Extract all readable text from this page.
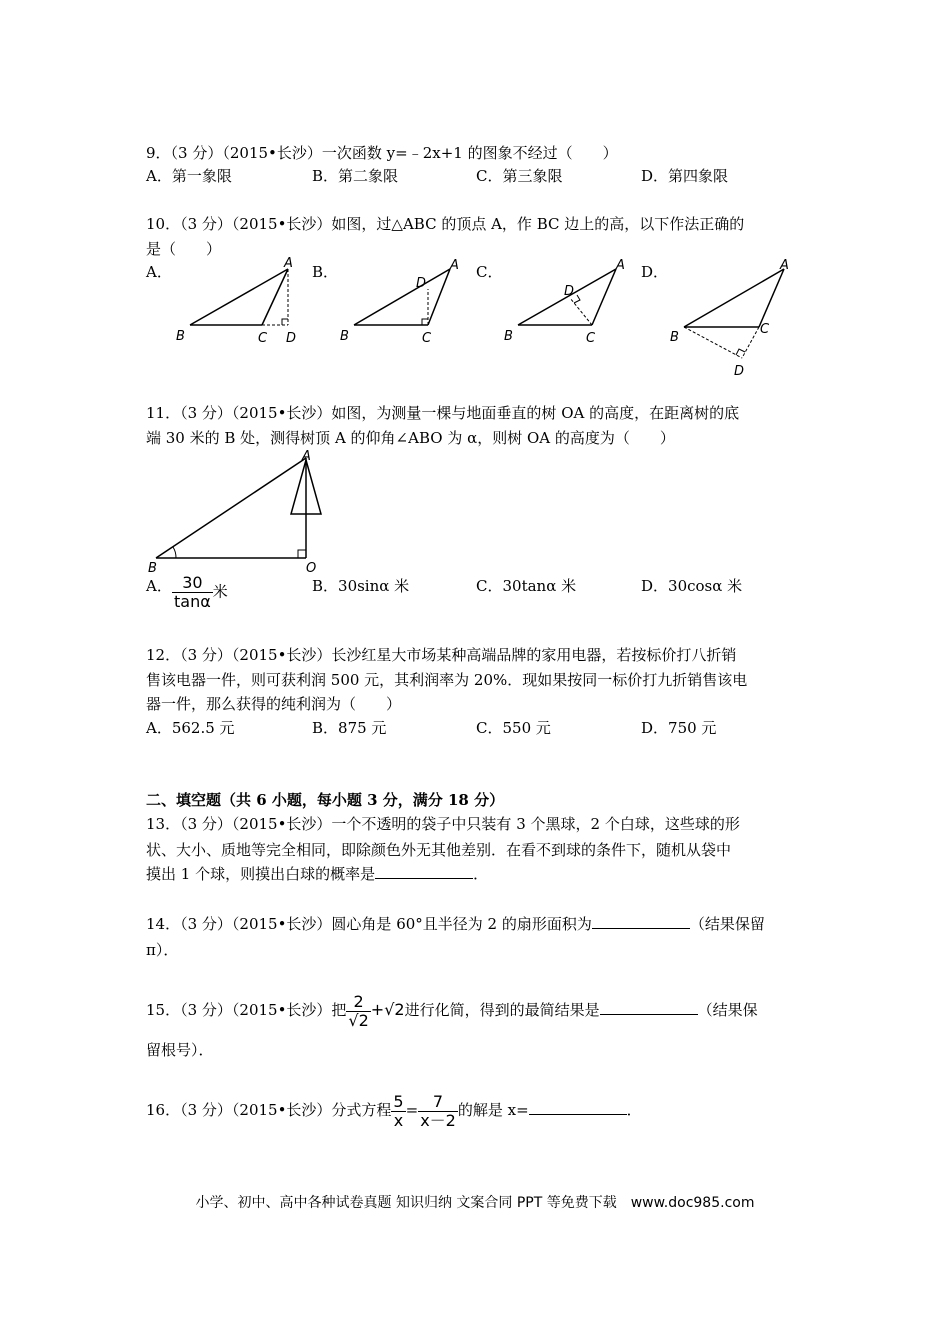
9．（3 分）（2015•长沙）一次函数 y=﹣2x+1 的图象不经过（　　）
A．第一象限	B．第二象限	C．第三象限	D．第四象限
10．（3 分）（2015•长沙）如图，过△ABC 的顶点 A，作 BC 边上的高，以下作法正确的
是（　　）
A．	B．	C．	D．
A
B	C D
A
D
B	C
A
D
B	C
A
B
C
D
11．（3 分）（2015•长沙）如图，为测量一棵与地面垂直的树 OA 的高度，在距离树的底
端 30 米的 B 处，测得树顶 A 的仰角∠ABO 为 α，则树 OA 的高度为（　　）
A
B	O
A． $\frac{30}{\tan\alpha}$ 米	B．30sinα 米	C．30tanα 米	D．30cosα 米
12．（3 分）（2015•长沙）长沙红星大市场某种高端品牌的家用电器，若按标价打八折销
售该电器一件，则可获利润 500 元，其利润率为 20%．现如果按同一标价打九折销售该电
器一件，那么获得的纯利润为（　　）
A．562.5 元	B．875 元	C．550 元	D．750 元
二、填空题（共 6 小题，每小题 3 分，满分 18 分）
13．（3 分）（2015•长沙）一个不透明的袋子中只装有 3 个黑球，2 个白球，这些球的形
状、大小、质地等完全相同，即除颜色外无其他差别．在看不到球的条件下，随机从袋中
摸出 1 个球，则摸出白球的概率是	．
14．（3 分）（2015•长沙）圆心角是 60°且半径为 2 的扇形面积为	（结果保留
π）．
15．（3 分）（2015•长沙）把 $\frac{2}{√2} +√2$进行化简，得到的最简结果是	（结果保
留根号）．
16．（3 分）（2015•长沙）分式方程 $\frac{5}{x} = \frac{7}{x-2}$ 的解是 x=	．
小学、初中、高中各种试卷真题 知识归纳 文案合同 PPT 等免费下载　www.doc985.com
